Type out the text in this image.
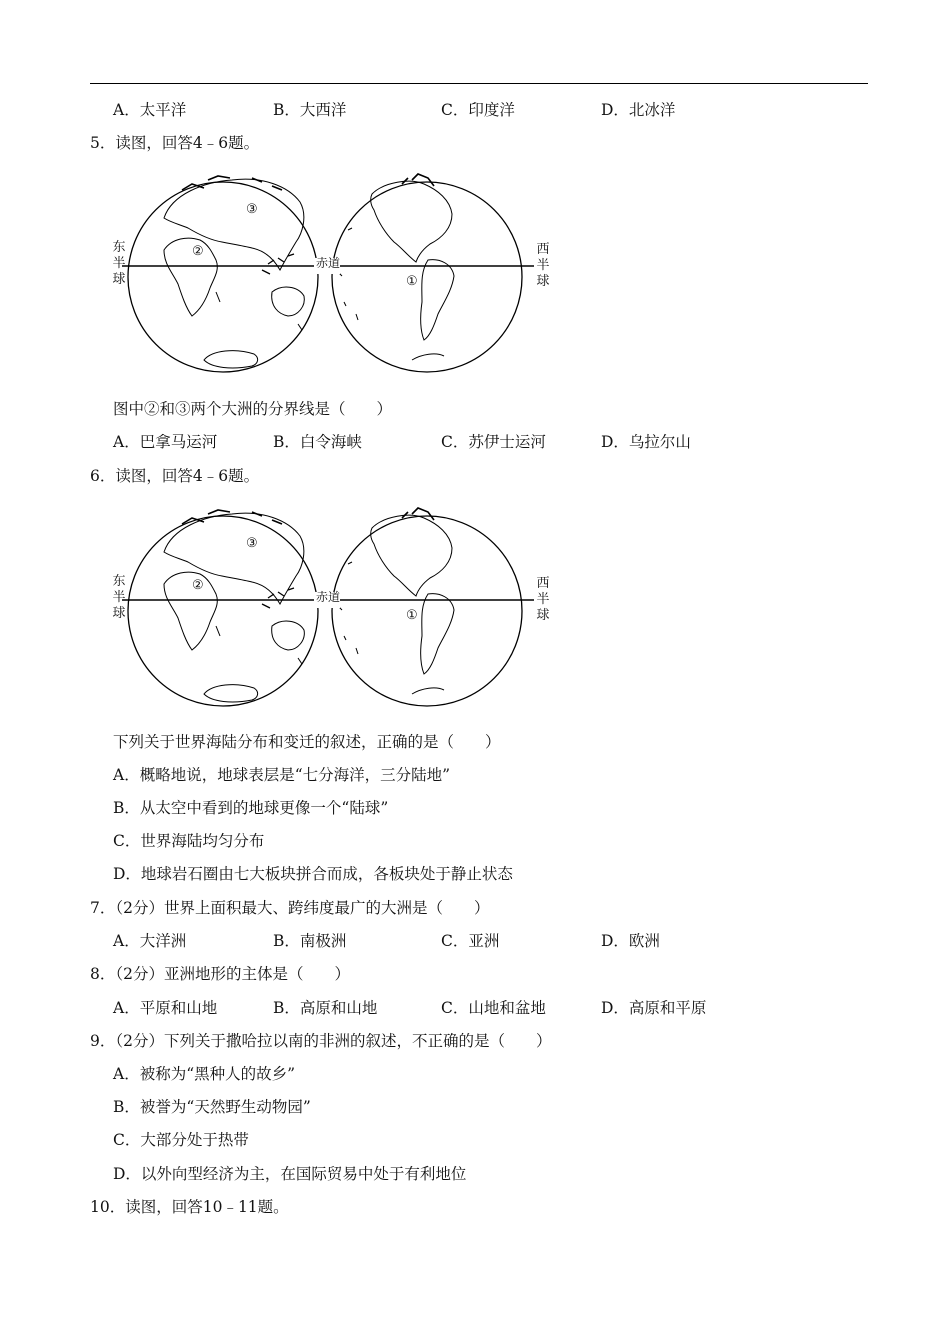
A．太平洋	B．大西洋	C．印度洋	D．北冰洋
5．读图，回答4﹣6题。
东
半
球
西
半
球
赤道
①
②
③
图中②和③两个大洲的分界线是（　　）
A．巴拿马运河	B．白令海峡	C．苏伊士运河	D．乌拉尔山
6．读图，回答4﹣6题。
东
半
球
西
半
球
赤道
①
②
③
下列关于世界海陆分布和变迁的叙述，正确的是（　　）
A．概略地说，地球表层是“七分海洋，三分陆地”
B．从太空中看到的地球更像一个“陆球”
C．世界海陆均匀分布
D．地球岩石圈由七大板块拼合而成，各板块处于静止状态
7．（2分）世界上面积最大、跨纬度最广的大洲是（　　）
A．大洋洲	B．南极洲	C．亚洲	D．欧洲
8．（2分）亚洲地形的主体是（　　）
A．平原和山地	B．高原和山地	C．山地和盆地	D．高原和平原
9．（2分）下列关于撒哈拉以南的非洲的叙述，不正确的是（　　）
A．被称为“黑种人的故乡”
B．被誉为“天然野生动物园”
C．大部分处于热带
D．以外向型经济为主，在国际贸易中处于有利地位
10．读图，回答10﹣11题。
